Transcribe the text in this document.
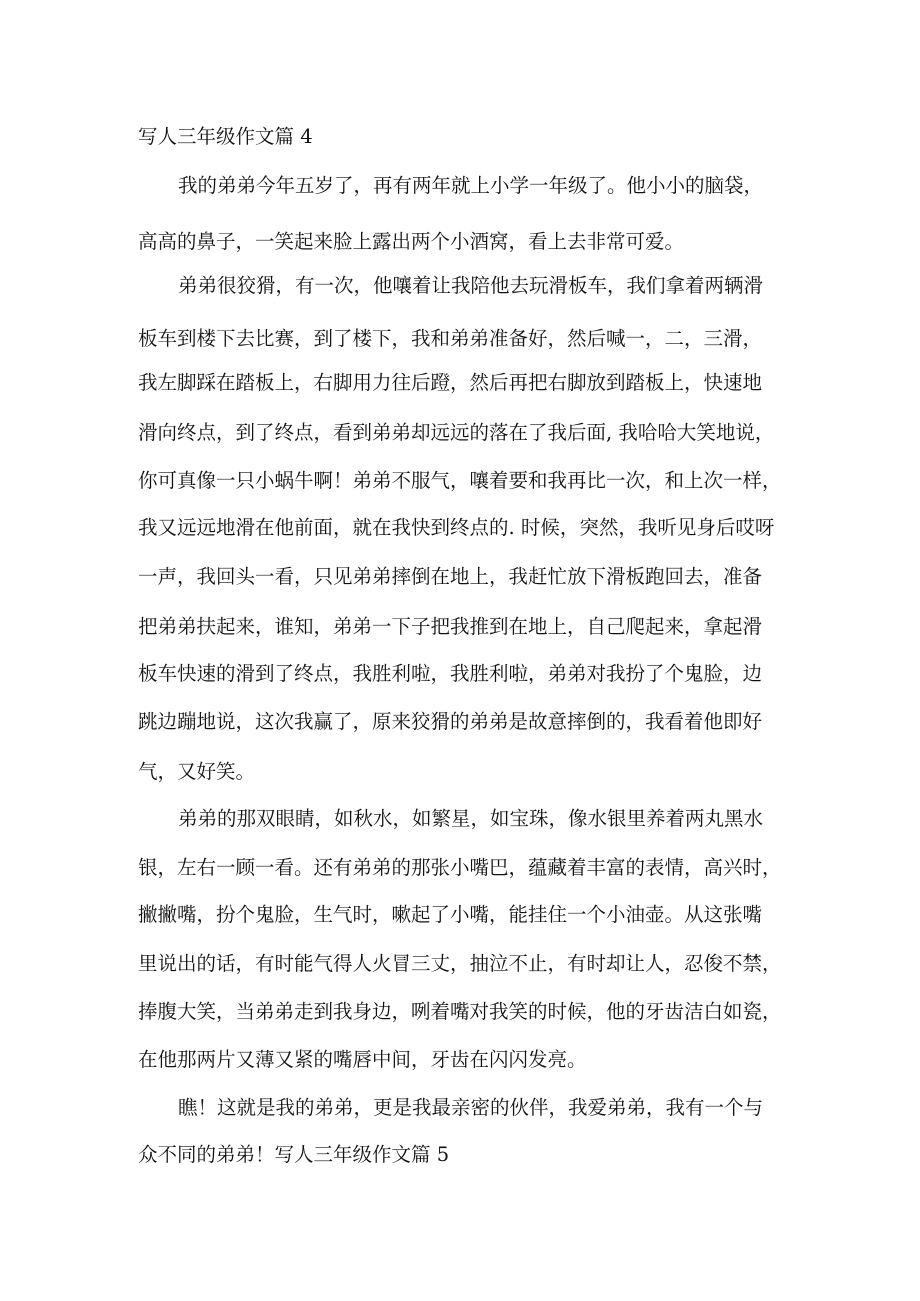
写人三年级作文篇 4

我的弟弟今年五岁了，再有两年就上小学一年级了。他小小的脑袋，

高高的鼻子，一笑起来脸上露出两个小酒窝，看上去非常可爱。

弟弟很狡猾，有一次，他嚷着让我陪他去玩滑板车，我们拿着两辆滑

板车到楼下去比赛，到了楼下，我和弟弟准备好，然后喊一，二，三滑，

我左脚踩在踏板上，右脚用力往后蹬，然后再把右脚放到踏板上，快速地

滑向终点，到了终点，看到弟弟却远远的落在了我后面, 我哈哈大笑地说，

你可真像一只小蜗牛啊！弟弟不服气，嚷着要和我再比一次，和上次一样，

我又远远地滑在他前面，就在我快到终点的. 时候，突然，我听见身后哎呀

一声，我回头一看，只见弟弟摔倒在地上，我赶忙放下滑板跑回去，准备

把弟弟扶起来，谁知，弟弟一下子把我推到在地上，自己爬起来，拿起滑

板车快速的滑到了终点，我胜利啦，我胜利啦，弟弟对我扮了个鬼脸，边

跳边蹦地说，这次我赢了，原来狡猾的弟弟是故意摔倒的，我看着他即好

气，又好笑。

弟弟的那双眼睛，如秋水，如繁星，如宝珠，像水银里养着两丸黑水

银，左右一顾一看。还有弟弟的那张小嘴巴，蕴藏着丰富的表情，高兴时，

撇撇嘴，扮个鬼脸，生气时，嗽起了小嘴，能挂住一个小油壶。从这张嘴

里说出的话，有时能气得人火冒三丈，抽泣不止，有时却让人，忍俊不禁，

捧腹大笑，当弟弟走到我身边，咧着嘴对我笑的时候，他的牙齿洁白如瓷，

在他那两片又薄又紧的嘴唇中间，牙齿在闪闪发亮。

瞧！这就是我的弟弟，更是我最亲密的伙伴，我爱弟弟，我有一个与

众不同的弟弟！写人三年级作文篇 5
